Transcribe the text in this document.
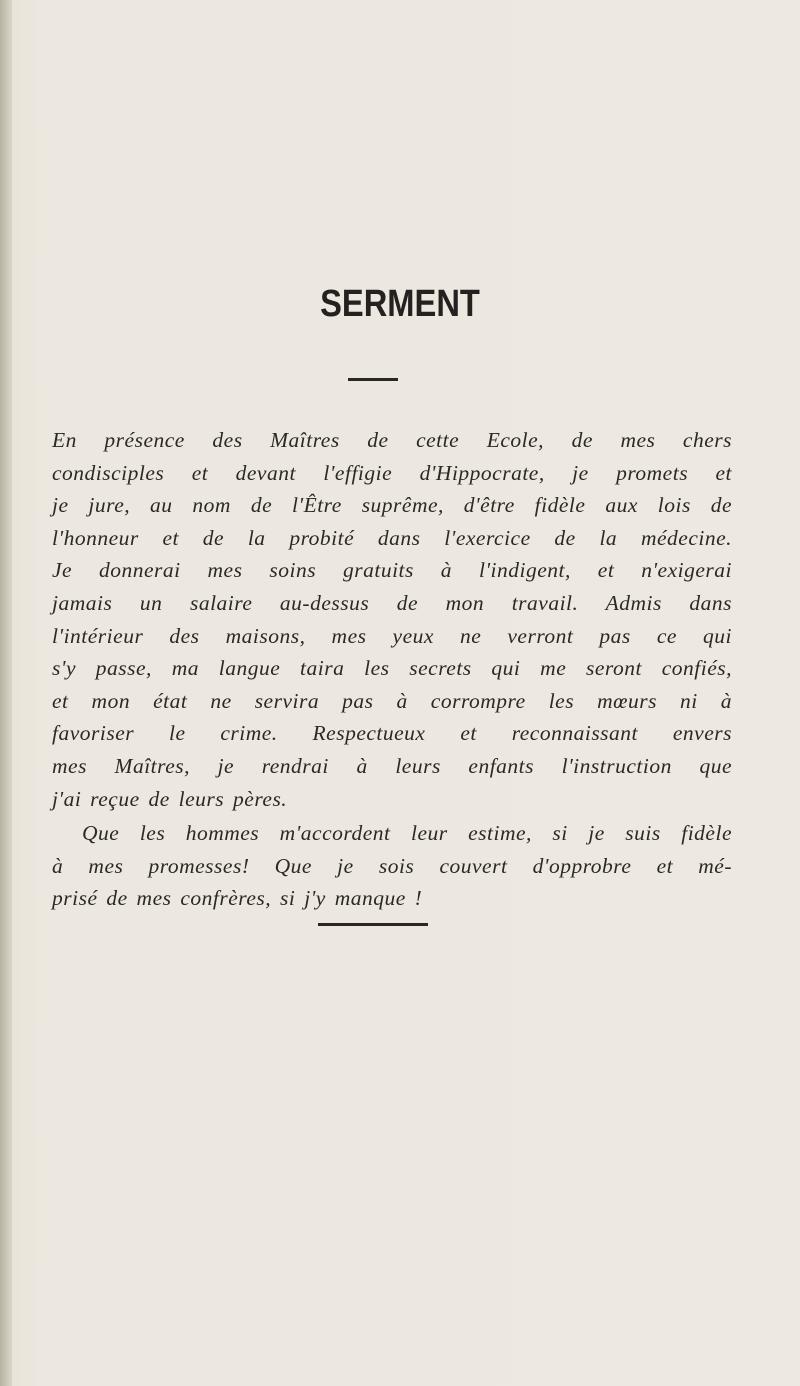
SERMENT

En présence des Maîtres de cette Ecole, de mes chers
condisciples et devant l'effigie d'Hippocrate, je promets et
je jure, au nom de l'Être suprême, d'être fidèle aux lois de
l'honneur et de la probité dans l'exercice de la médecine.
Je donnerai mes soins gratuits à l'indigent, et n'exigerai
jamais un salaire au-dessus de mon travail. Admis dans
l'intérieur des maisons, mes yeux ne verront pas ce qui
s'y passe, ma langue taira les secrets qui me seront confiés,
et mon état ne servira pas à corrompre les mœurs ni à
favoriser le crime. Respectueux et reconnaissant envers
mes Maîtres, je rendrai à leurs enfants l'instruction que
j'ai reçue de leurs pères.

Que les hommes m'accordent leur estime, si je suis fidèle
à mes promesses! Que je sois couvert d'opprobre et mé-
prisé de mes confrères, si j'y manque !
